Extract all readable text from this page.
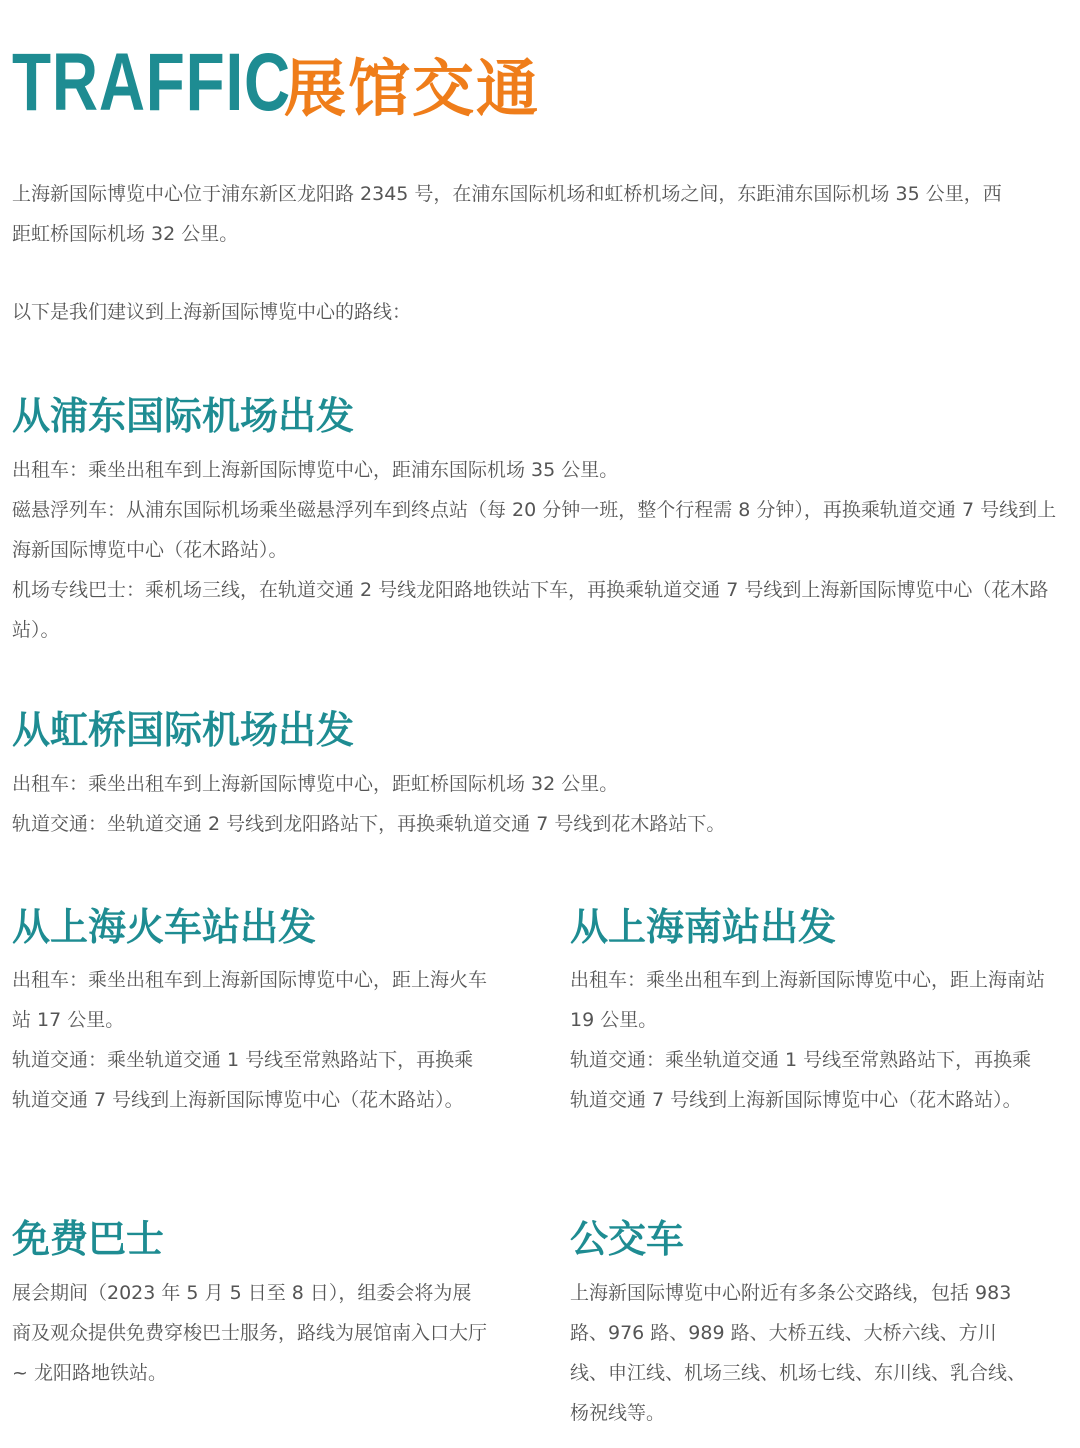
TRAFFIC
展馆交通
上海新国际博览中心位于浦东新区龙阳路 2345 号，在浦东国际机场和虹桥机场之间，东距浦东国际机场 35 公里，西距虹桥国际机场 32 公里。
以下是我们建议到上海新国际博览中心的路线：
从浦东国际机场出发

出租车：乘坐出租车到上海新国际博览中心，距浦东国际机场 35 公里。

磁悬浮列车：从浦东国际机场乘坐磁悬浮列车到终点站（每 20 分钟一班，整个行程需 8 分钟），再换乘轨道交通 7 号线到上海新国际博览中心（花木路站）。

机场专线巴士：乘机场三线，在轨道交通 2 号线龙阳路地铁站下车，再换乘轨道交通 7 号线到上海新国际博览中心（花木路站）。

从虹桥国际机场出发

出租车：乘坐出租车到上海新国际博览中心，距虹桥国际机场 32 公里。

轨道交通：坐轨道交通 2 号线到龙阳路站下，再换乘轨道交通 7 号线到花木路站下。

从上海火车站出发

出租车：乘坐出租车到上海新国际博览中心，距上海火车站 17 公里。

轨道交通：乘坐轨道交通 1 号线至常熟路站下，再换乘轨道交通 7 号线到上海新国际博览中心（花木路站）。

从上海南站出发

出租车：乘坐出租车到上海新国际博览中心，距上海南站 19 公里。

轨道交通：乘坐轨道交通 1 号线至常熟路站下，再换乘轨道交通 7 号线到上海新国际博览中心（花木路站）。

免费巴士

展会期间（2023 年 5 月 5 日至 8 日），组委会将为展商及观众提供免费穿梭巴士服务，路线为展馆南入口大厅 ~ 龙阳路地铁站。

公交车

上海新国际博览中心附近有多条公交路线，包括 983 路、976 路、989 路、大桥五线、大桥六线、方川线、申江线、机场三线、机场七线、东川线、乳合线、杨祝线等。
